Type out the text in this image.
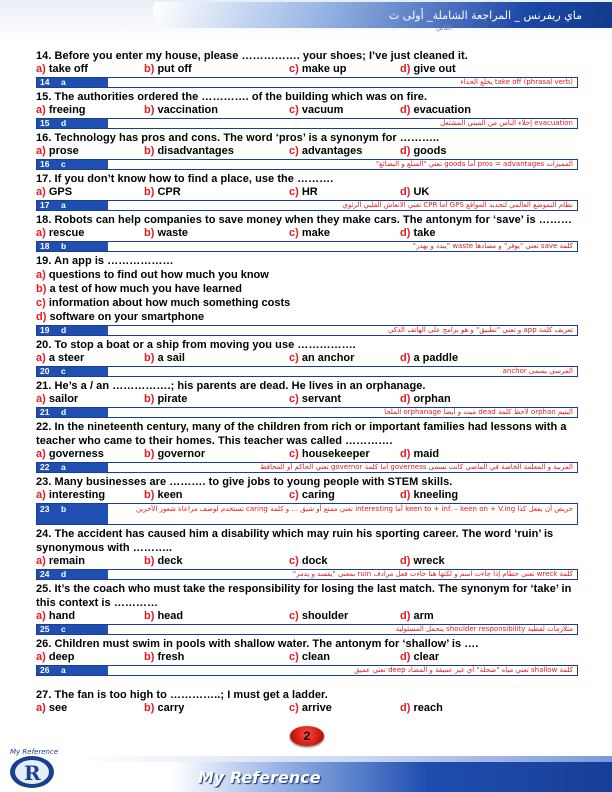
ماي ريفرنس _ المراجعة الشاملة_ أولى ث
الثاني
14. Before you enter my house, please ……………. your shoes; I’ve just cleaned it.
a) take off	b) put off	c) make up	d) give out
14	a	(phrasal verb) take off يخلع الحذاء
15. The authorities ordered the …………. of the building which was on fire.
a) freeing	b) vaccination	c) vacuum	d) evacuation
15	d	evacuation إخلاء الناس من المبنى المشتعل
16. Technology has pros and cons. The word ‘pros’ is a synonym for ………..
a) prose	b) disadvantages	c) advantages	d) goods
16	c	المميزات pros = advantages أما goods تعني "السلع و البضائع"
17. If you don’t know how to find a place, use the ……….
a) GPS	b) CPR	c) HR	d) UK
17	a	نظام التموضع العالمي لتحديد المواقع GPS أما CPR تعني الانعاش القلبي الرئوي
18. Robots can help companies to save money when they make cars. The antonym for ‘save’ is ………
a) rescue	b) waste	c) make	d) take
18	b	كلمة save تعني "يوفر" و مضادها waste "يبدد و يهدر"
19. An app is ………………
a) questions to find out how much you know
b) a test of how much you have learned
c) information about how much something costs
d) software on your smartphone
19	d	تعريف كلمة app و تعني "تطبيق" و هو برامج على الهاتف الذكي
20. To stop a boat or a ship from moving you use …………….
a) a steer	b) a sail	c) an anchor	d) a paddle
20	c	المرسى يسمى anchor
21. He’s a / an …………….; his parents are dead. He lives in an orphanage.
a) sailor	b) pirate	c) servant	d) orphan
21	d	اليتيم orphan لاحظ كلمة dead ميت و أيضا orphanage الملجأ
22. In the nineteenth century, many of the children from rich or important families had lessons with a teacher who came to their homes. This teacher was called ………….
a) governess	b) governor	c) housekeeper	d) maid
22	a	المربية و المعلمة الخاصة في الماضي كانت تسمى governess أما كلمة governor تعني الحاكم أو المحافظ
23. Many businesses are ………. to give jobs to young people with STEM skills.
a) interesting	b) keen	c) caring	d) kneeling
23	b	حريص أن يفعل كذا keen to + inf. – keen on + V.ing أما interesting تعني ممتع أو شيق ... و كلمة caring تستخدم لوصف مراعاة شعور الآخرين
24. The accident has caused him a disability which may ruin his sporting career. The word ‘ruin’ is synonymous with ………..
a) remain	b) deck	c) dock	d) wreck
24	d	كلمة wreck تعني حطام إذا جاءت اسم و لكنها هنا جاءت فعل مرادف ruin بمعنى "يفسد و يدمر"
25. It’s the coach who must take the responsibility for losing the last match. The synonym for ‘take’ in this context is …………
a) hand	b) head	c) shoulder	d) arm
25	c	متلازمات لفظية shoulder responsibility يتحمل المسئولية
26. Children must swim in pools with shallow water. The antonym for ‘shallow’ is ….
a) deep	b) fresh	c) clean	d) clear
26	a	كلمة shallow تعني مياه "ضحلة" أي غير عميقة و المضاد deep تعني عميق
27. The fan is too high to …………..; I must get a ladder.
a) see	b) carry	c) arrive	d) reach
2
R
My Reference
My Reference
